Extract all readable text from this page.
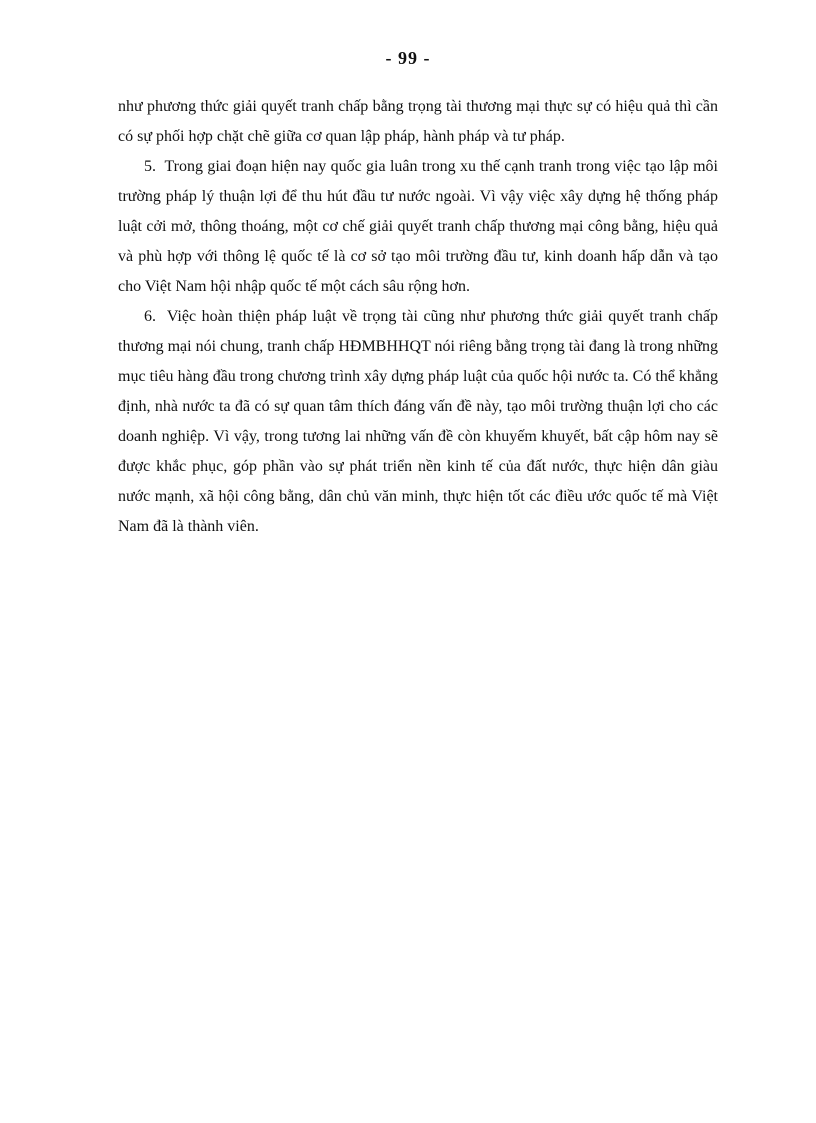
- 99 -

như phương thức giải quyết tranh chấp bằng trọng tài thương mại thực sự có hiệu quả thì cần có sự phối hợp chặt chẽ giữa cơ quan lập pháp, hành pháp và tư pháp.

5. Trong giai đoạn hiện nay quốc gia luân trong xu thế cạnh tranh trong việc tạo lập môi trường pháp lý thuận lợi để thu hút đầu tư nước ngoài. Vì vậy việc xây dựng hệ thống pháp luật cởi mở, thông thoáng, một cơ chế giải quyết tranh chấp thương mại công bằng, hiệu quả và phù hợp với thông lệ quốc tế là cơ sở tạo môi trường đầu tư, kinh doanh hấp dẫn và tạo cho Việt Nam hội nhập quốc tế một cách sâu rộng hơn.

6. Việc hoàn thiện pháp luật về trọng tài cũng như phương thức giải quyết tranh chấp thương mại nói chung, tranh chấp HĐMBHHQT nói riêng bằng trọng tài đang là trong những mục tiêu hàng đầu trong chương trình xây dựng pháp luật của quốc hội nước ta. Có thể khẳng định, nhà nước ta đã có sự quan tâm thích đáng vấn đề này, tạo môi trường thuận lợi cho các doanh nghiệp. Vì vậy, trong tương lai những vấn đề còn khuyếm khuyết, bất cập hôm nay sẽ được khắc phục, góp phần vào sự phát triển nền kinh tế của đất nước, thực hiện dân giàu nước mạnh, xã hội công bằng, dân chủ văn minh, thực hiện tốt các điều ước quốc tế mà Việt Nam đã là thành viên.
